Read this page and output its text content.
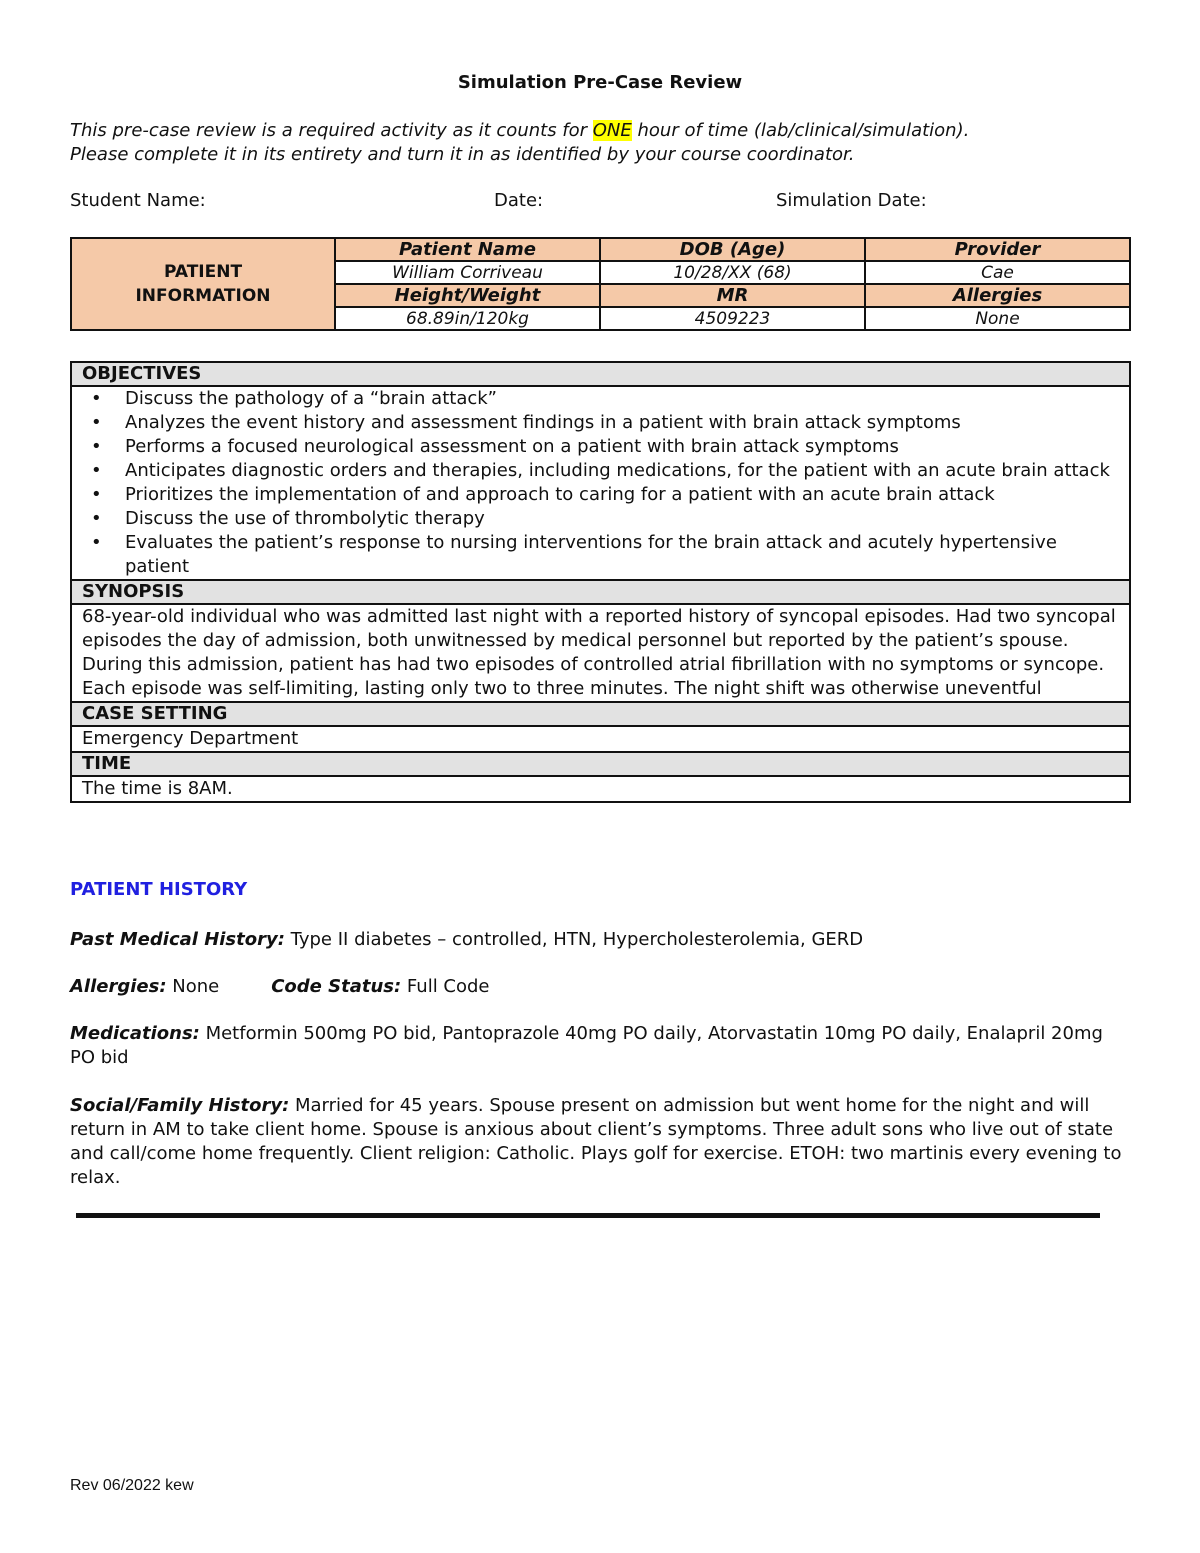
Simulation Pre-Case Review
This pre-case review is a required activity as it counts for ONE hour of time (lab/clinical/simulation).
Please complete it in its entirety and turn it in as identified by your course coordinator.
Student Name:	Date:	Simulation Date:
PATIENT
INFORMATION	Patient Name	DOB (Age)	Provider
	William Corriveau	10/28/XX (68)	Cae
	Height/Weight	MR	Allergies
	68.89in/120kg	4509223	None
OBJECTIVES

• Discuss the pathology of a “brain attack”
• Analyzes the event history and assessment findings in a patient with brain attack symptoms
• Performs a focused neurological assessment on a patient with brain attack symptoms
• Anticipates diagnostic orders and therapies, including medications, for the patient with an acute brain attack
• Prioritizes the implementation of and approach to caring for a patient with an acute brain attack
• Discuss the use of thrombolytic therapy
• Evaluates the patient’s response to nursing interventions for the brain attack and acutely hypertensive patient

SYNOPSIS
68-year-old individual who was admitted last night with a reported history of syncopal episodes. Had two syncopal episodes the day of admission, both unwitnessed by medical personnel but reported by the patient’s spouse. During this admission, patient has had two episodes of controlled atrial fibrillation with no symptoms or syncope. Each episode was self-limiting, lasting only two to three minutes. The night shift was otherwise uneventful
CASE SETTING
Emergency Department
TIME
The time is 8AM.
PATIENT HISTORY
Past Medical History: Type II diabetes – controlled, HTN, Hypercholesterolemia, GERD
Allergies: None	Code Status: Full Code
Medications: Metformin 500mg PO bid, Pantoprazole 40mg PO daily, Atorvastatin 10mg PO daily, Enalapril 20mg PO bid
Social/Family History: Married for 45 years. Spouse present on admission but went home for the night and will return in AM to take client home. Spouse is anxious about client’s symptoms. Three adult sons who live out of state and call/come home frequently. Client religion: Catholic. Plays golf for exercise. ETOH: two martinis every evening to relax.
Rev 06/2022 kew
